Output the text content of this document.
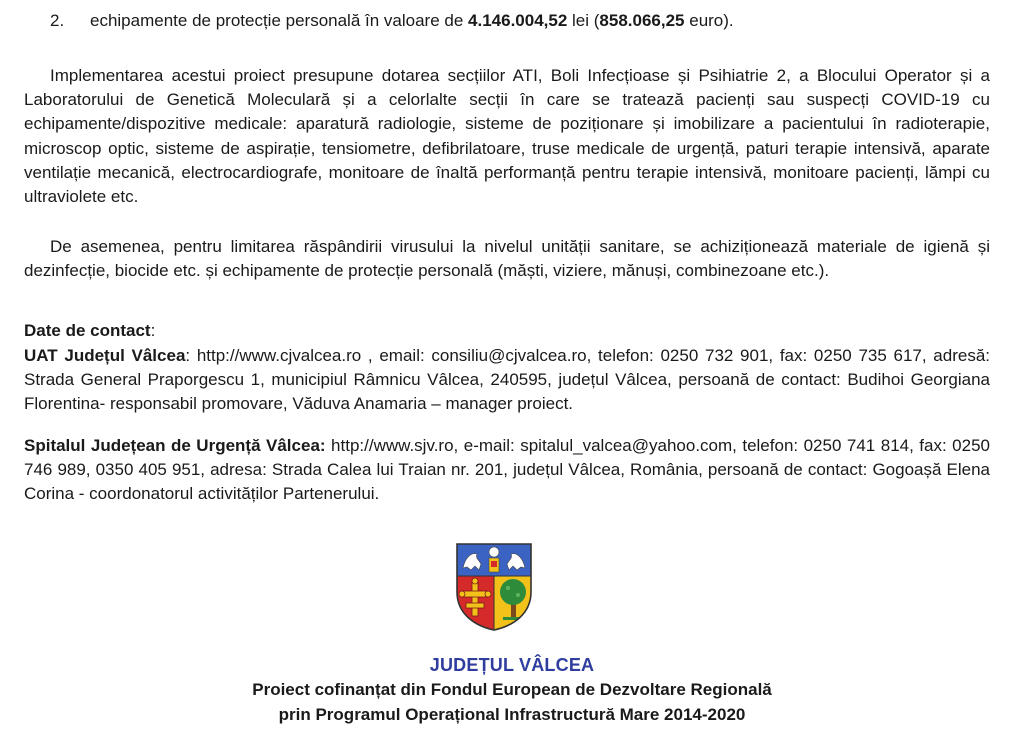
2. echipamente de protecție personală în valoare de 4.146.004,52 lei (858.066,25 euro).

Implementarea acestui proiect presupune dotarea secțiilor ATI, Boli Infecțioase și Psihiatrie 2, a Blocului Operator și a Laboratorului de Genetică Moleculară și a celorlalte secții în care se tratează pacienți sau suspecți COVID-19 cu echipamente/dispozitive medicale: aparatură radiologie, sisteme de poziționare și imobilizare a pacientului în radioterapie, microscop optic, sisteme de aspirație, tensiometre, defibrilatoare, truse medicale de urgență, paturi terapie intensivă, aparate ventilație mecanică, electrocardiografe, monitoare de înaltă performanță pentru terapie intensivă, monitoare pacienți, lămpi cu ultraviolete etc.

De asemenea, pentru limitarea răspândirii virusului la nivelul unității sanitare, se achiziționează materiale de igienă și dezinfecție, biocide etc. și echipamente de protecție personală (măști, viziere, mănuși, combinezoane etc.).

Date de contact:

UAT Județul Vâlcea: http://www.cjvalcea.ro , email: consiliu@cjvalcea.ro, telefon: 0250 732 901, fax: 0250 735 617, adresă: Strada General Praporgescu 1, municipiul Râmnicu Vâlcea, 240595, județul Vâlcea, persoană de contact: Budihoi Georgiana Florentina- responsabil promovare, Văduva Anamaria – manager proiect.

Spitalul Județean de Urgență Vâlcea: http://www.sjv.ro, e-mail: spitalul_valcea@yahoo.com, telefon: 0250 741 814, fax: 0250 746 989, 0350 405 951, adresa: Strada Calea lui Traian nr. 201, județul Vâlcea, România, persoană de contact: Gogoașă Elena Corina - coordonatorul activităților Partenerului.

JUDEȚUL VÂLCEA
Proiect cofinanțat din Fondul European de Dezvoltare Regională
prin Programul Operațional Infrastructură Mare 2014-2020
